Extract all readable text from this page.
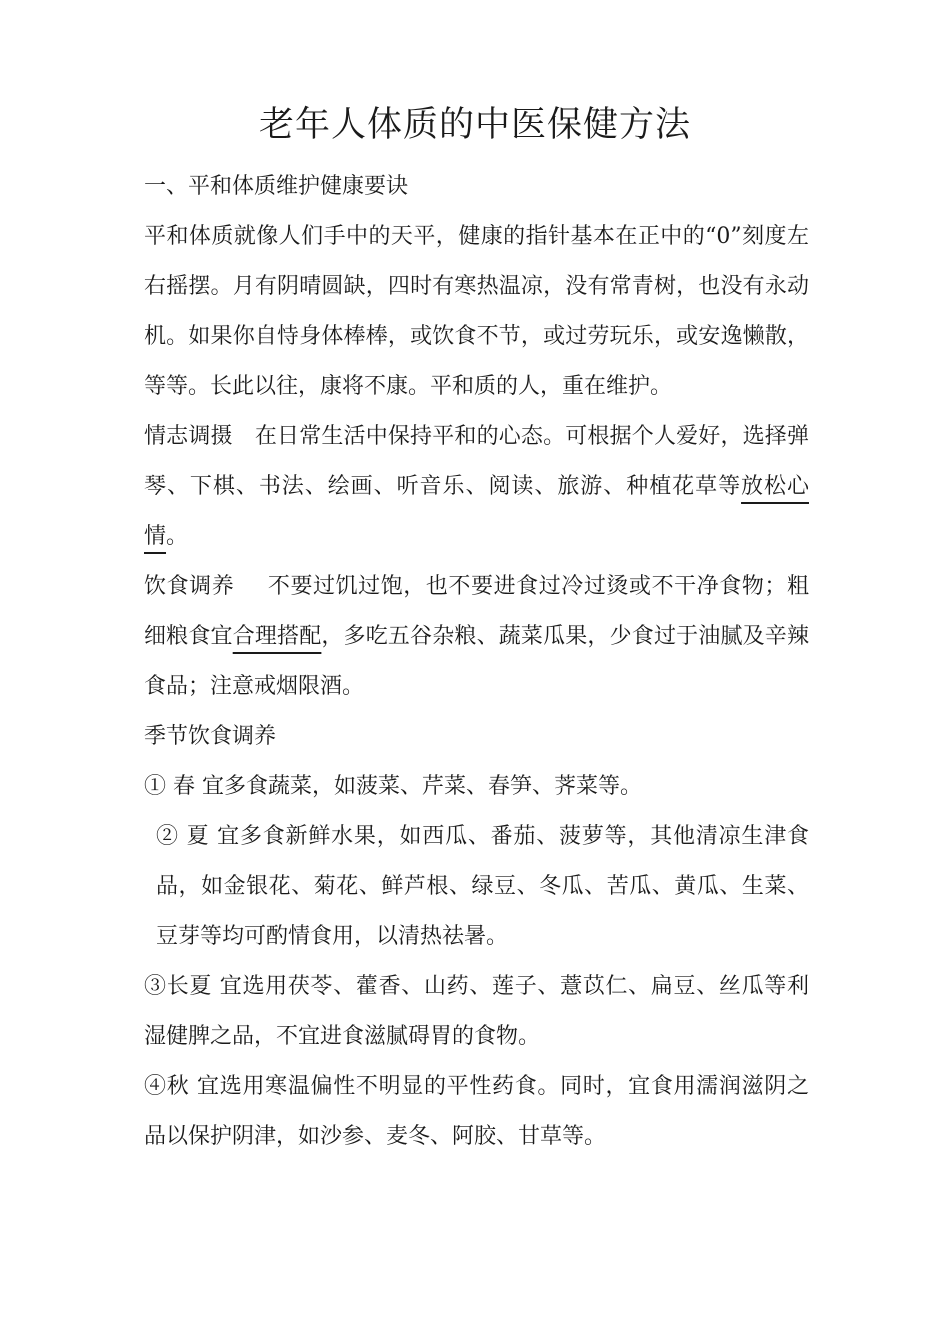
老年人体质的中医保健方法

一、平和体质维护健康要诀

平和体质就像人们手中的天平，健康的指针基本在正中的“0”刻度左右摇摆。月有阴晴圆缺，四时有寒热温凉，没有常青树，也没有永动机。如果你自恃身体棒棒，或饮食不节，或过劳玩乐，或安逸懒散，等等。长此以往，康将不康。平和质的人，重在维护。

情志调摄  在日常生活中保持平和的心态。可根据个人爱好，选择弹琴、下棋、书法、绘画、听音乐、阅读、旅游、种植花草等放松心情。

饮食调养   不要过饥过饱，也不要进食过冷过烫或不干净食物；粗细粮食宜合理搭配，多吃五谷杂粮、蔬菜瓜果，少食过于油腻及辛辣食品；注意戒烟限酒。

季节饮食调养

① 春 宜多食蔬菜，如菠菜、芹菜、春笋、荠菜等。

② 夏 宜多食新鲜水果，如西瓜、番茄、菠萝等，其他清凉生津食品，如金银花、菊花、鲜芦根、绿豆、冬瓜、苦瓜、黄瓜、生菜、豆芽等均可酌情食用，以清热祛暑。

③长夏 宜选用茯苓、藿香、山药、莲子、薏苡仁、扁豆、丝瓜等利湿健脾之品，不宜进食滋腻碍胃的食物。

④秋 宜选用寒温偏性不明显的平性药食。同时，宜食用濡润滋阴之品以保护阴津，如沙参、麦冬、阿胶、甘草等。
